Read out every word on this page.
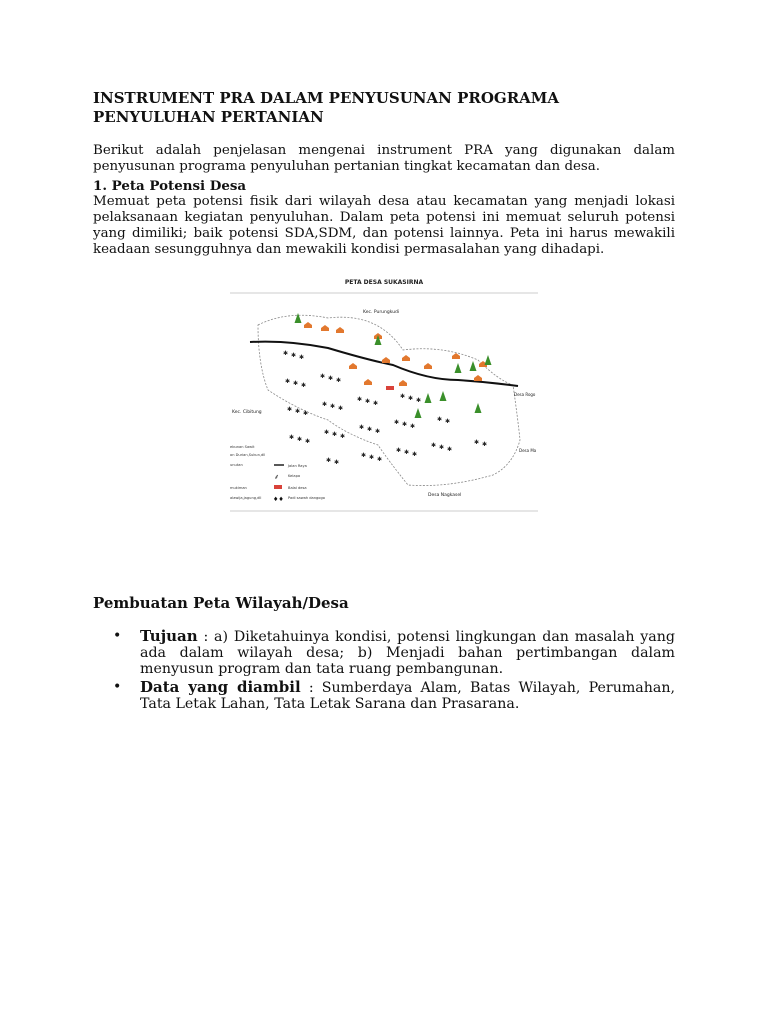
INSTRUMENT PRA DALAM PENYUSUNAN PROGRAMA
PENYULUHAN PERTANIAN
Berikut adalah penjelasan mengenai instrument PRA yang digunakan dalam penyusunan programa penyuluhan pertanian tingkat kecamatan dan desa.
1. Peta Potensi Desa
Memuat peta potensi fisik dari wilayah desa atau kecamatan yang menjadi lokasi pelaksanaan kegiatan penyuluhan. Dalam peta potensi ini memuat seluruh potensi yang dimiliki; baik potensi SDA,SDM, dan potensi lainnya. Peta ini harus mewakili keadaan sesungguhnya dan mewakili kondisi permasalahan yang dihadapi.
PETA DESA SUKASIRNA
Kec. Purungkudi
Kec. Cibitung
Desa Rogo
Desa Ma
Desa Nagkasel
✱
✱
✱
✱
✱
✱
✱
✱
✱
✱
✱
✱
✱
✱
✱
✱
✱
✱
✱
✱
✱
✱
✱
✱
✱
✱
✱
✱
✱
✱
✱
✱
✱
✱
✱
✱
✱
✱
✱
✱
✱
✱
✱
✱
✱
✱
✱
✱
ebunan Sawit
on Durian,Sukun,dll
unutan	Jalan Raya
⸙ Kelapa
mukiman	Balai desa
alawija,jagung,dll ♦♦ Padi sawah dangogo
Pembuatan Peta Wilayah/Desa
• Tujuan : a) Diketahuinya kondisi, potensi lingkungan dan masalah yang ada dalam wilayah desa; b) Menjadi bahan pertimbangan dalam menyusun program dan tata ruang pembangunan.
• Data yang diambil : Sumberdaya Alam, Batas Wilayah, Perumahan, Tata Letak Lahan, Tata Letak Sarana dan Prasarana.
